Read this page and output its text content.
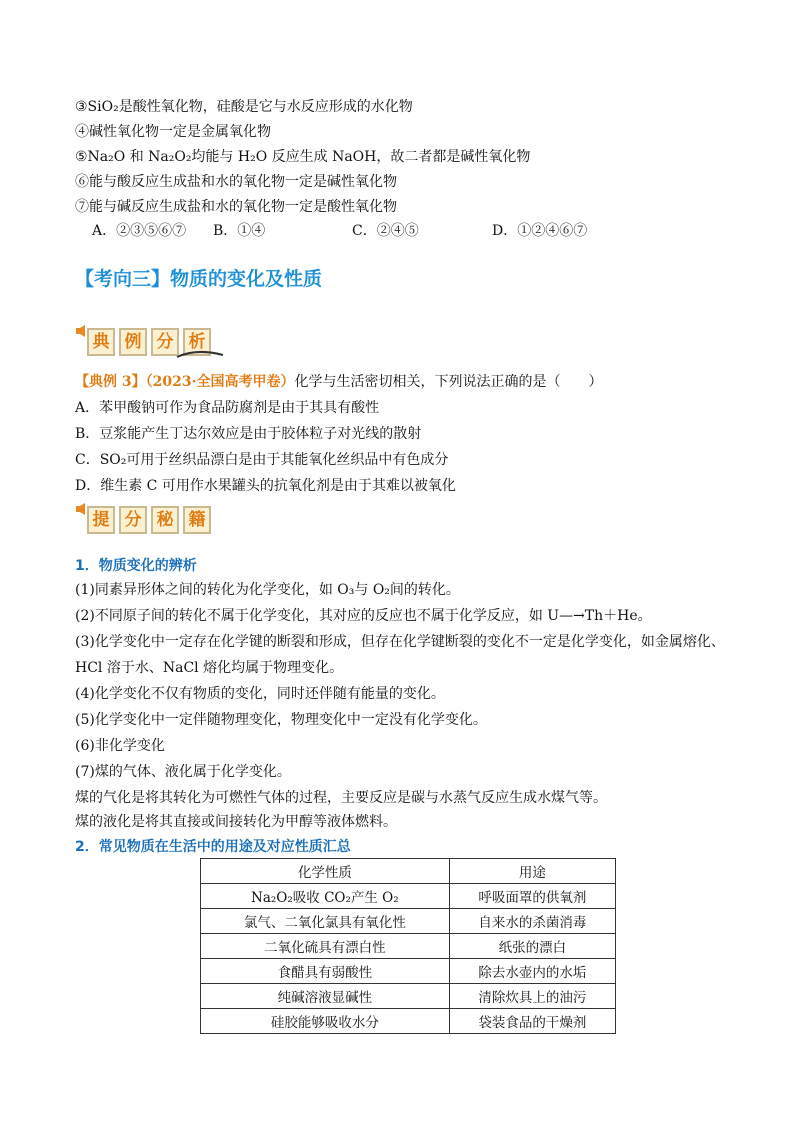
③SiO₂是酸性氧化物，硅酸是它与水反应形成的水化物
④碱性氧化物一定是金属氧化物
⑤Na₂O 和 Na₂O₂均能与 H₂O 反应生成 NaOH，故二者都是碱性氧化物
⑥能与酸反应生成盐和水的氧化物一定是碱性氧化物
⑦能与碱反应生成盐和水的氧化物一定是酸性氧化物
A．②③⑤⑥⑦ B．①④	C．②④⑤	D．①②④⑥⑦
【考向三】物质的变化及性质
典 例 分 析
【典例 3】（2023·全国高考甲卷）化学与生活密切相关，下列说法正确的是（　　）
A．苯甲酸钠可作为食品防腐剂是由于其具有酸性
B．豆浆能产生丁达尔效应是由于胶体粒子对光线的散射
C．SO₂可用于丝织品漂白是由于其能氧化丝织品中有色成分
D．维生素 C 可用作水果罐头的抗氧化剂是由于其难以被氧化
提 分 秘 籍
1．物质变化的辨析
(1)同素异形体之间的转化为化学变化，如 O₃与 O₂间的转化。
(2)不同原子间的转化不属于化学变化，其对应的反应也不属于化学反应，如 U—→Th＋He。
(3)化学变化中一定存在化学键的断裂和形成，但存在化学键断裂的变化不一定是化学变化，如金属熔化、
HCl 溶于水、NaCl 熔化均属于物理变化。
(4)化学变化不仅有物质的变化，同时还伴随有能量的变化。
(5)化学变化中一定伴随物理变化，物理变化中一定没有化学变化。
(6)非化学变化
(7)煤的气体、液化属于化学变化。
煤的气化是将其转化为可燃性气体的过程，主要反应是碳与水蒸气反应生成水煤气等。
煤的液化是将其直接或间接转化为甲醇等液体燃料。
2．常见物质在生活中的用途及对应性质汇总
化学性质	用途
Na₂O₂吸收 CO₂产生 O₂	呼吸面罩的供氧剂
氯气、二氧化氯具有氧化性	自来水的杀菌消毒
二氧化硫具有漂白性	纸张的漂白
食醋具有弱酸性	除去水壶内的水垢
纯碱溶液显碱性	清除炊具上的油污
硅胶能够吸收水分	袋装食品的干燥剂
